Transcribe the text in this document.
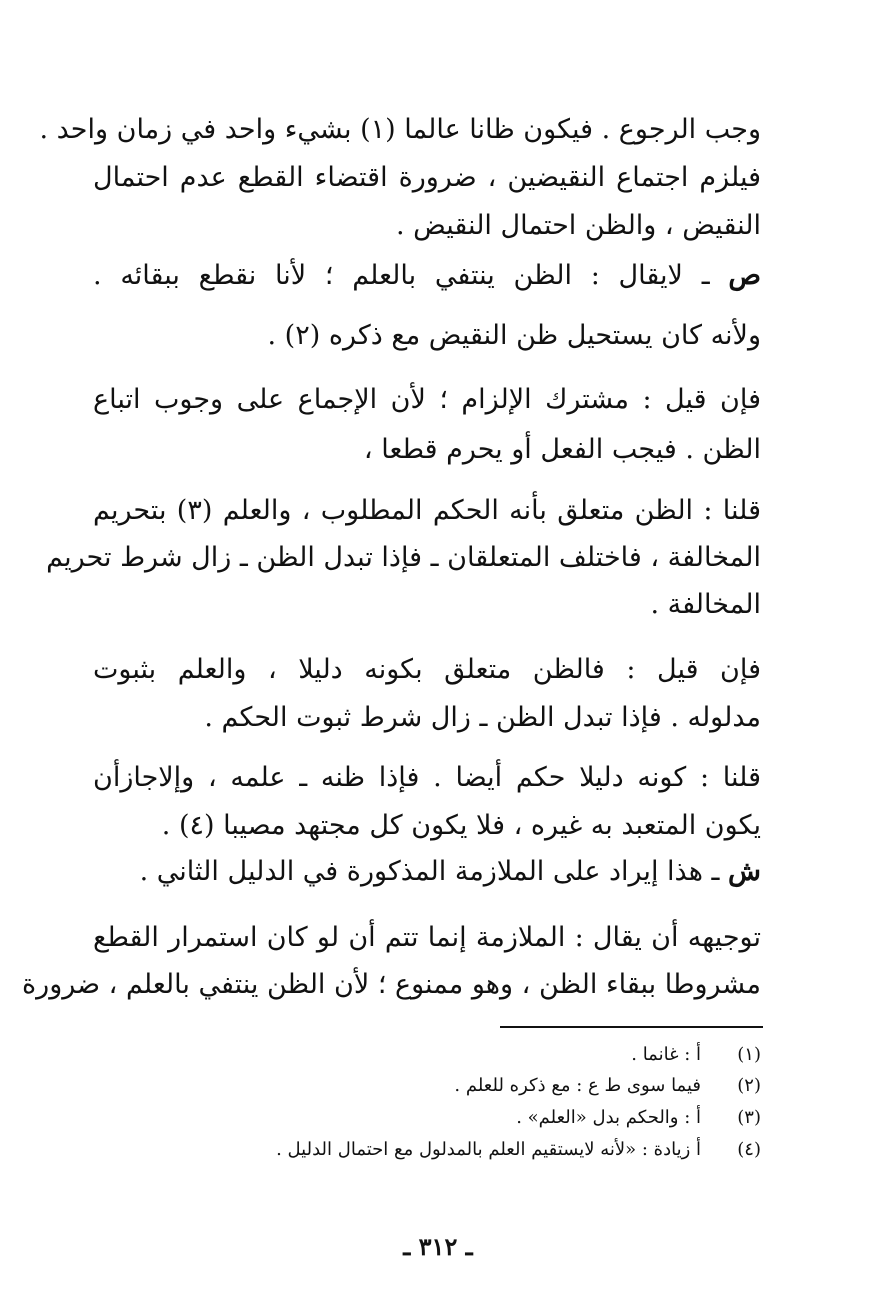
وجب الرجوع . فيكون ظانا عالما (١) بشيء واحد في زمان واحد .
فيلزم اجتماع النقيضين ، ضرورة اقتضاء القطع عدم احتمال
النقيض ، والظن احتمال النقيض .
ص ـ لايقال : الظن ينتفي بالعلم ؛ لأنا نقطع ببقائه .
ولأنه كان يستحيل ظن النقيض مع ذكره (٢) .
فإن قيل : مشترك الإلزام ؛ لأن الإجماع على وجوب اتباع
الظن . فيجب الفعل أو يحرم قطعا ،
قلنا : الظن متعلق بأنه الحكم المطلوب ، والعلم (٣) بتحريم
المخالفة ، فاختلف المتعلقان ـ فإذا تبدل الظن ـ زال شرط تحريم
المخالفة .
فإن قيل : فالظن متعلق بكونه دليلا ، والعلم بثبوت
مدلوله . فإذا تبدل الظن ـ زال شرط ثبوت الحكم .
قلنا : كونه دليلا حكم أيضا . فإذا ظنه ـ علمه ، وإلاجازأن
يكون المتعبد به غيره ، فلا يكون كل مجتهد مصيبا (٤) .
ش ـ هذا إيراد على الملازمة المذكورة في الدليل الثاني .
توجيهه أن يقال : الملازمة إنما تتم أن لو كان استمرار القطع
مشروطا ببقاء الظن ، وهو ممنوع ؛ لأن الظن ينتفي بالعلم ، ضرورة
(١)أ : غانما .
(٢)فيما سوى ط ع : مع ذكره للعلم .
(٣)أ : والحكم بدل «العلم» .
(٤)أ زيادة : «لأنه لايستقيم العلم بالمدلول مع احتمال الدليل .
ـ ٣١٢ ـ
